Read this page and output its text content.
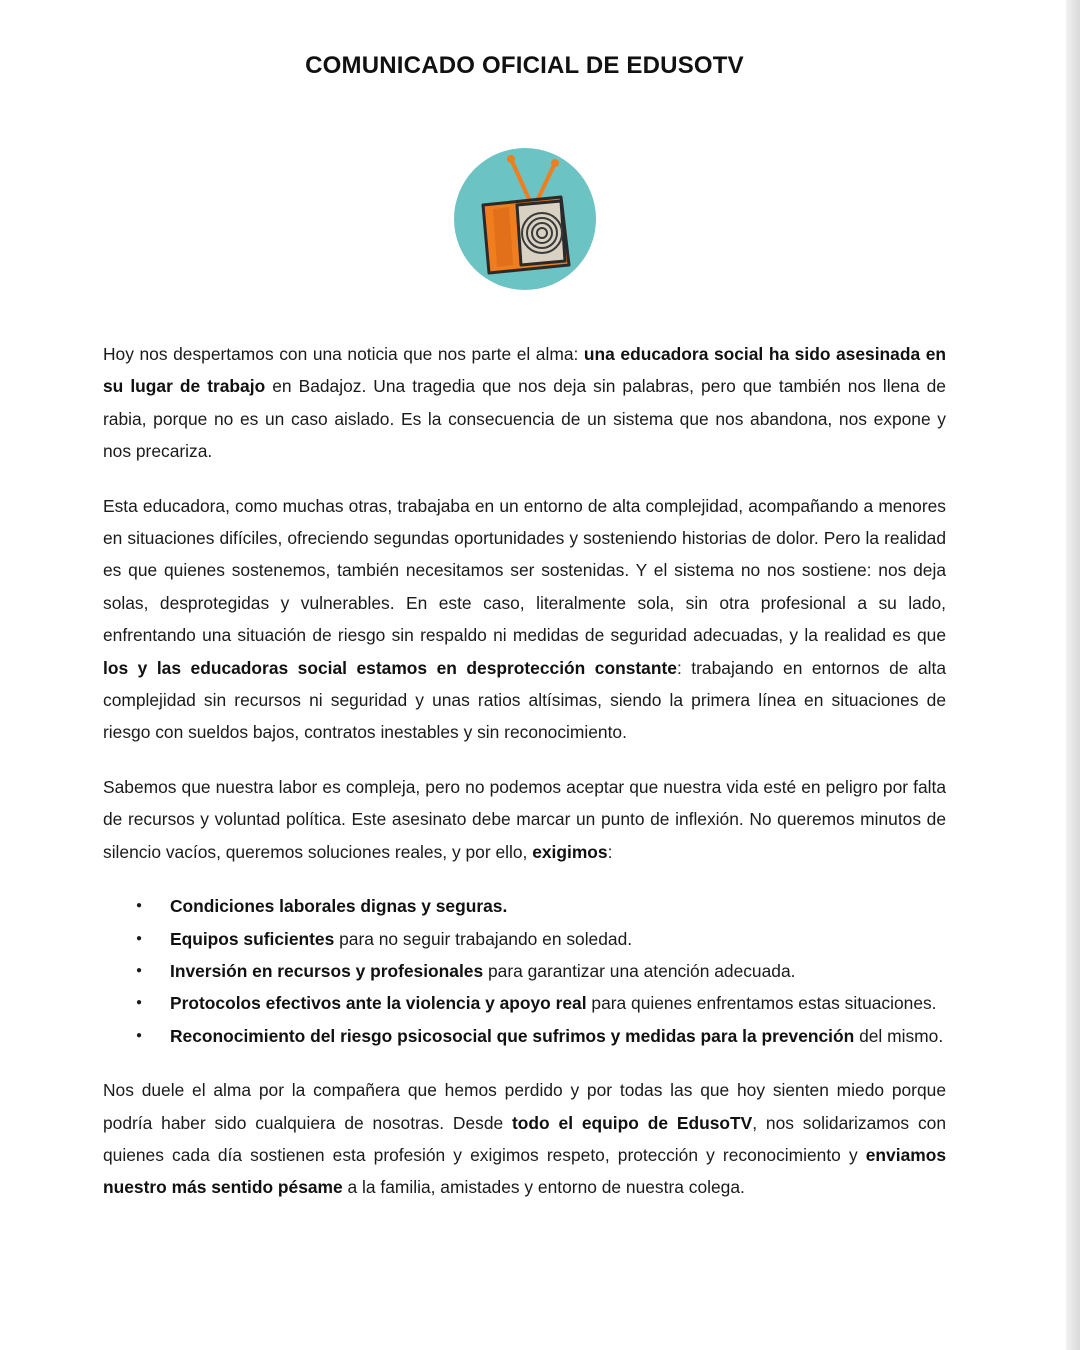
COMUNICADO OFICIAL DE EDUSOTV

Hoy nos despertamos con una noticia que nos parte el alma: una educadora social ha sido asesinada en su lugar de trabajo en Badajoz. Una tragedia que nos deja sin palabras, pero que también nos llena de rabia, porque no es un caso aislado. Es la consecuencia de un sistema que nos abandona, nos expone y nos precariza.

Esta educadora, como muchas otras, trabajaba en un entorno de alta complejidad, acompañando a menores en situaciones difíciles, ofreciendo segundas oportunidades y sosteniendo historias de dolor. Pero la realidad es que quienes sostenemos, también necesitamos ser sostenidas. Y el sistema no nos sostiene: nos deja solas, desprotegidas y vulnerables. En este caso, literalmente sola, sin otra profesional a su lado, enfrentando una situación de riesgo sin respaldo ni medidas de seguridad adecuadas, y la realidad es que los y las educadoras social estamos en desprotección constante: trabajando en entornos de alta complejidad sin recursos ni seguridad y unas ratios altísimas, siendo la primera línea en situaciones de riesgo con sueldos bajos, contratos inestables y sin reconocimiento.

Sabemos que nuestra labor es compleja, pero no podemos aceptar que nuestra vida esté en peligro por falta de recursos y voluntad política. Este asesinato debe marcar un punto de inflexión. No queremos minutos de silencio vacíos, queremos soluciones reales, y por ello, exigimos:

● Condiciones laborales dignas y seguras.
● Equipos suficientes para no seguir trabajando en soledad.
● Inversión en recursos y profesionales para garantizar una atención adecuada.
● Protocolos efectivos ante la violencia y apoyo real para quienes enfrentamos estas situaciones.
● Reconocimiento del riesgo psicosocial que sufrimos y medidas para la prevención del mismo.

Nos duele el alma por la compañera que hemos perdido y por todas las que hoy sienten miedo porque podría haber sido cualquiera de nosotras. Desde todo el equipo de EdusoTV, nos solidarizamos con quienes cada día sostienen esta profesión y exigimos respeto, protección y reconocimiento y enviamos nuestro más sentido pésame a la familia, amistades y entorno de nuestra colega.
